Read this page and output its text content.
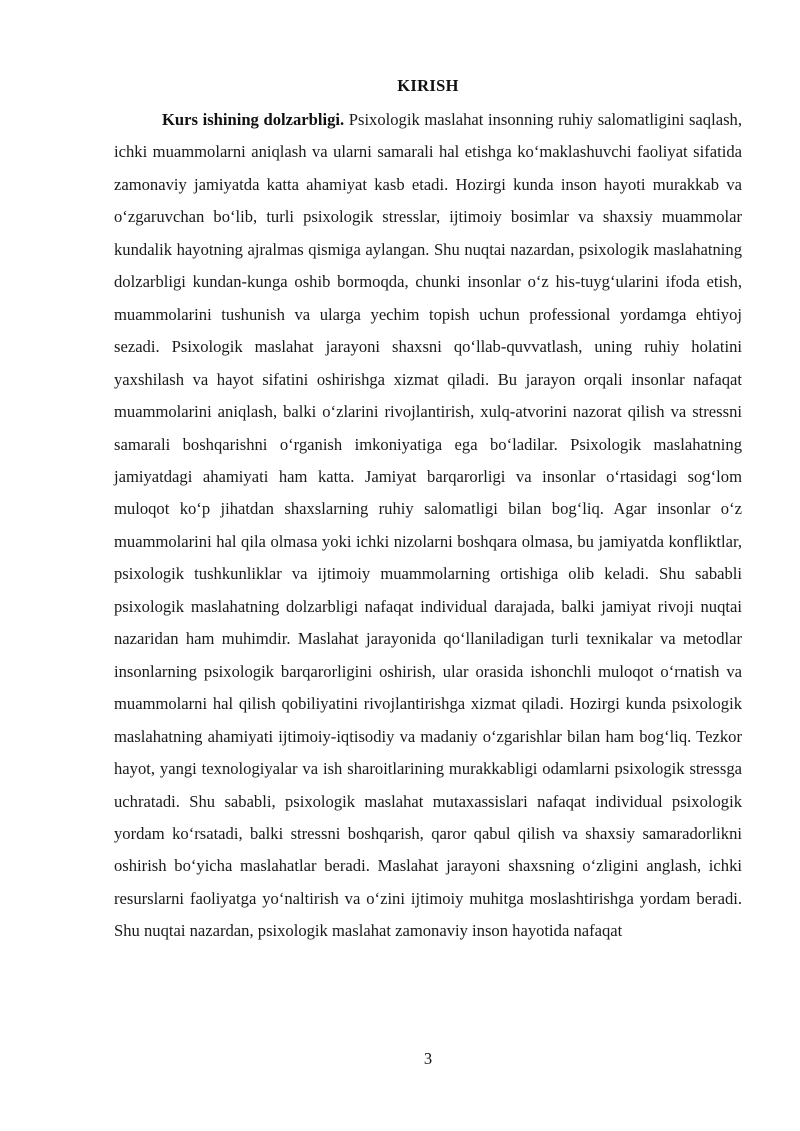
KIRISH

Kurs ishining dolzarbligi. Psixologik maslahat insonning ruhiy salomatligini saqlash, ichki muammolarni aniqlash va ularni samarali hal etishga ko‘maklashuvchi faoliyat sifatida zamonaviy jamiyatda katta ahamiyat kasb etadi. Hozirgi kunda inson hayoti murakkab va o‘zgaruvchan bo‘lib, turli psixologik stresslar, ijtimoiy bosimlar va shaxsiy muammolar kundalik hayotning ajralmas qismiga aylangan. Shu nuqtai nazardan, psixologik maslahatning dolzarbligi kundan-kunga oshib bormoqda, chunki insonlar o‘z his-tuyg‘ularini ifoda etish, muammolarini tushunish va ularga yechim topish uchun professional yordamga ehtiyoj sezadi. Psixologik maslahat jarayoni shaxsni qo‘llab-quvvatlash, uning ruhiy holatini yaxshilash va hayot sifatini oshirishga xizmat qiladi. Bu jarayon orqali insonlar nafaqat muammolarini aniqlash, balki o‘zlarini rivojlantirish, xulq-atvorini nazorat qilish va stressni samarali boshqarishni o‘rganish imkoniyatiga ega bo‘ladilar. Psixologik maslahatning jamiyatdagi ahamiyati ham katta. Jamiyat barqarorligi va insonlar o‘rtasidagi sog‘lom muloqot ko‘p jihatdan shaxslarning ruhiy salomatligi bilan bog‘liq. Agar insonlar o‘z muammolarini hal qila olmasa yoki ichki nizolarni boshqara olmasa, bu jamiyatda konfliktlar, psixologik tushkunliklar va ijtimoiy muammolarning ortishiga olib keladi. Shu sababli psixologik maslahatning dolzarbligi nafaqat individual darajada, balki jamiyat rivoji nuqtai nazaridan ham muhimdir. Maslahat jarayonida qo‘llaniladigan turli texnikalar va metodlar insonlarning psixologik barqarorligini oshirish, ular orasida ishonchli muloqot o‘rnatish va muammolarni hal qilish qobiliyatini rivojlantirishga xizmat qiladi. Hozirgi kunda psixologik maslahatning ahamiyati ijtimoiy-iqtisodiy va madaniy o‘zgarishlar bilan ham bog‘liq. Tezkor hayot, yangi texnologiyalar va ish sharoitlarining murakkabligi odamlarni psixologik stressga uchratadi. Shu sababli, psixologik maslahat mutaxassislari nafaqat individual psixologik yordam ko‘rsatadi, balki stressni boshqarish, qaror qabul qilish va shaxsiy samaradorlikni oshirish bo‘yicha maslahatlar beradi. Maslahat jarayoni shaxsning o‘zligini anglash, ichki resurslarni faoliyatga yo‘naltirish va o‘zini ijtimoiy muhitga moslashtirishga yordam beradi. Shu nuqtai nazardan, psixologik maslahat zamonaviy inson hayotida nafaqat

3
